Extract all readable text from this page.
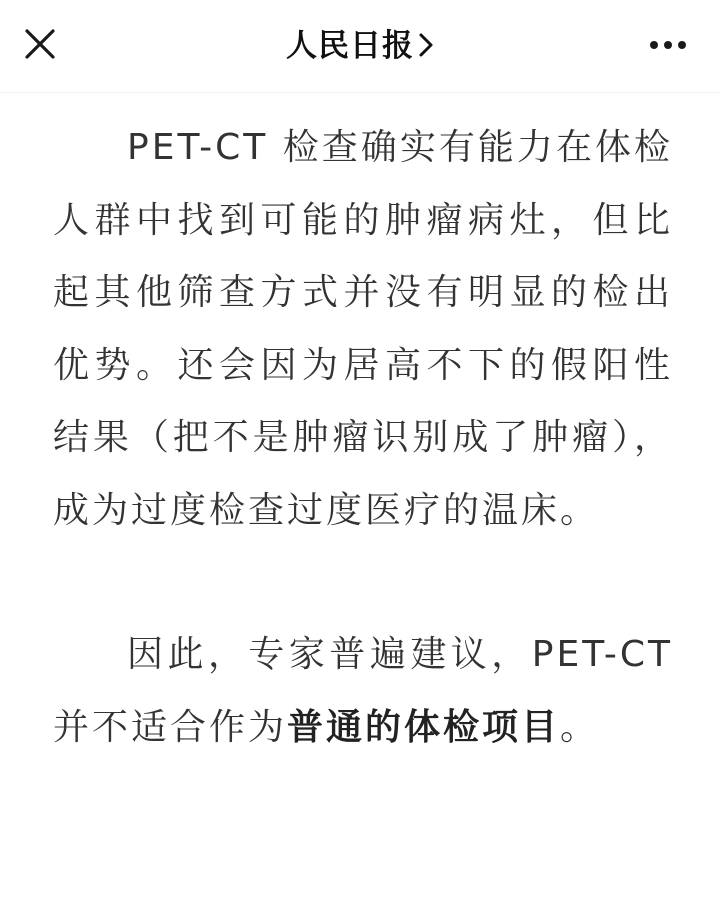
人民日报

PET-CT 检查确实有能力在体检人群中找到可能的肿瘤病灶，但比起其他筛查方式并没有明显的检出优势。还会因为居高不下的假阳性结果（把不是肿瘤识别成了肿瘤），成为过度检查过度医疗的温床。

因此，专家普遍建议，PET-CT 并不适合作为普通的体检项目。
